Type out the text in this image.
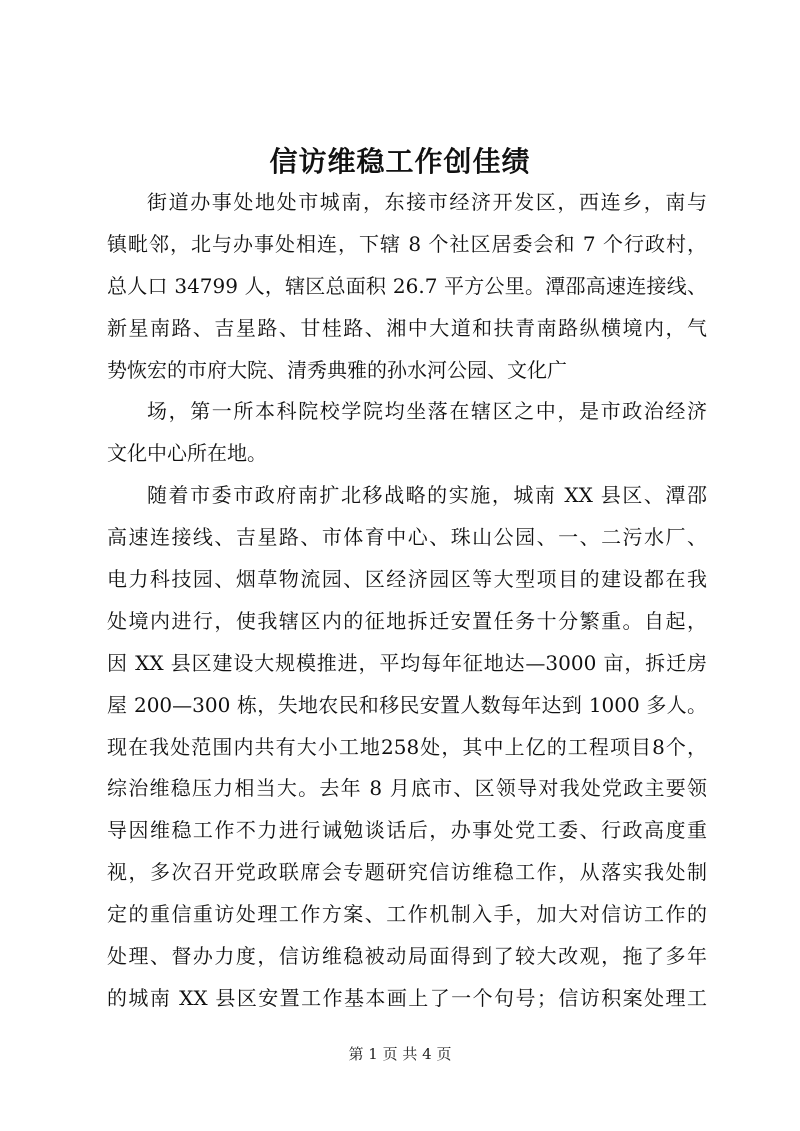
信访维稳工作创佳绩
街道办事处地处市城南，东接市经济开发区，西连乡，南与
镇毗邻，北与办事处相连，下辖 8 个社区居委会和 7 个行政村，
总人口 34799 人，辖区总面积 26.7 平方公里。潭邵高速连接线、
新星南路、吉星路、甘桂路、湘中大道和扶青南路纵横境内，气
势恢宏的市府大院、清秀典雅的孙水河公园、文化广
场，第一所本科院校学院均坐落在辖区之中，是市政治经济
文化中心所在地。
随着市委市政府南扩北移战略的实施，城南 XX 县区、潭邵
高速连接线、吉星路、市体育中心、珠山公园、一、二污水厂、
电力科技园、烟草物流园、区经济园区等大型项目的建设都在我
处境内进行，使我辖区内的征地拆迁安置任务十分繁重。自起，
因 XX 县区建设大规模推进，平均每年征地达—3000 亩，拆迁房
屋 200—300 栋，失地农民和移民安置人数每年达到 1000 多人。
现在我处范围内共有大小工地258处，其中上亿的工程项目8个，
综治维稳压力相当大。去年 8 月底市、区领导对我处党政主要领
导因维稳工作不力进行诫勉谈话后，办事处党工委、行政高度重
视，多次召开党政联席会专题研究信访维稳工作，从落实我处制
定的重信重访处理工作方案、工作机制入手，加大对信访工作的
处理、督办力度，信访维稳被动局面得到了较大改观，拖了多年
的城南 XX 县区安置工作基本画上了一个句号；信访积案处理工
第 1 页 共 4 页
